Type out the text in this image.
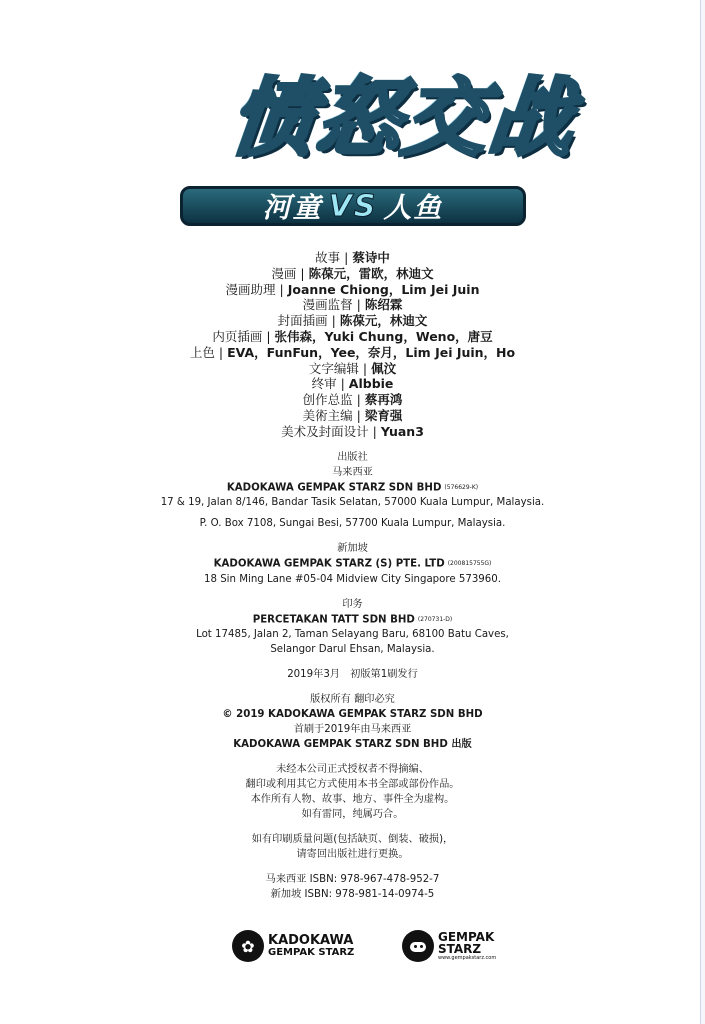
愤怒交战
河童 VS 人鱼
故事 | 蔡诗中
漫画 | 陈葆元，雷欧，林迪文
漫画助理 | Joanne Chiong，Lim Jei Juin
漫画监督 | 陈绍霖
封面插画 | 陈葆元，林迪文
内页插画 | 张伟森，Yuki Chung，Weno，唐豆
上色 | EVA，FunFun，Yee，奈月，Lim Jei Juin，Ho
文字编辑 | 佩汶
终审 | Albbie
创作总监 | 蔡再鸿
美術主编 | 梁育强
美术及封面设计 | Yuan3
出版社
马来西亚
KADOKAWA GEMPAK STARZ SDN BHD (576629-K)
17 & 19, Jalan 8/146, Bandar Tasik Selatan, 57000 Kuala Lumpur, Malaysia.
P. O. Box 7108, Sungai Besi, 57700 Kuala Lumpur, Malaysia.
新加坡
KADOKAWA GEMPAK STARZ (S) PTE. LTD (200815755G)
18 Sin Ming Lane #05-04 Midview City Singapore 573960.
印务
PERCETAKAN TATT SDN BHD (270731-D)
Lot 17485, Jalan 2, Taman Selayang Baru, 68100 Batu Caves,
Selangor Darul Ehsan, Malaysia.
2019年3月　初版第1刷发行
版权所有 翻印必究
© 2019 KADOKAWA GEMPAK STARZ SDN BHD
首刷于2019年由马来西亚
KADOKAWA GEMPAK STARZ SDN BHD 出版
未经本公司正式授权者不得摘编、
翻印或利用其它方式使用本书全部或部份作品。
本作所有人物、故事、地方、事件全为虚构。
如有雷同，纯属巧合。
如有印刷质量问题(包括缺页、倒装、破损)，
请寄回出版社进行更换。
马来西亚 ISBN: 978-967-478-952-7
新加坡 ISBN: 978-981-14-0974-5
✿	KADOKAWA
GEMPAK STARZ
GEMPAK
STARZ
www.gempakstarz.com
